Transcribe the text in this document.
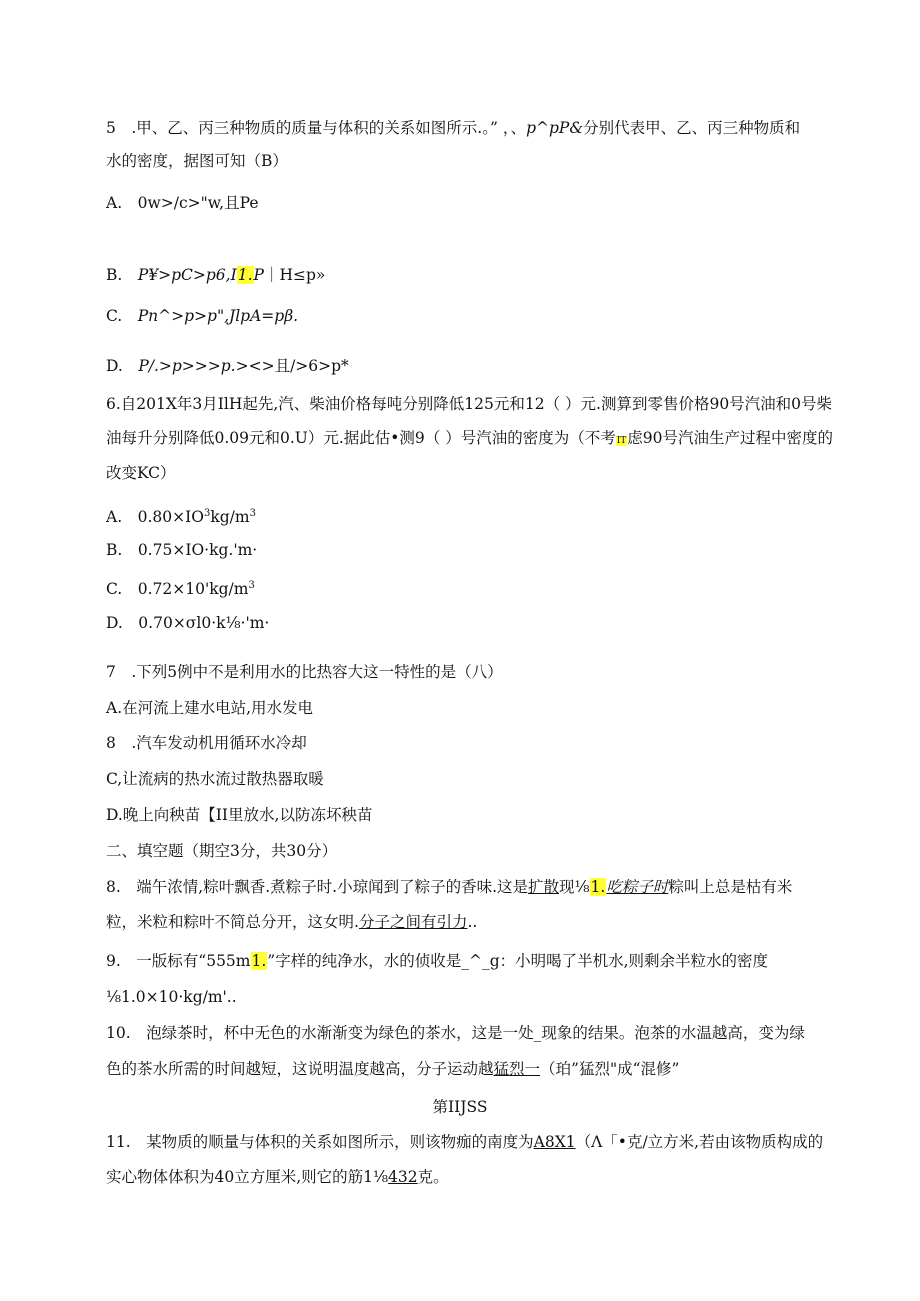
5　.甲、乙、丙三种物质的质量与体积的关系如图所示.。” ，、p^pP&分别代表甲、乙、丙三种物质和
水的密度，据图可知（B）
A.　0w>/c>"w,且Pe
B.　P¥>pC>p6,I1.P｜H≤p»
C.　Pn^>p>p",JlpA=pβ.
D.　P/.>p>>>p.><>且/>6>p*
6.自201X年3月IlH起先,汽、柴油价格每吨分别降低125元和12（ ）元.测算到零售价格90号汽油和0号柴
油每升分别降低0.09元和0.U）元.据此估•测9（ ）号汽油的密度为（不考IT虑90号汽油生产过程中密度的
改变KC）
A.　$0.80\times IO^3kg/m^3$
B.　0.75×IO·kg.'m·
C.　$0.72\times 10'kg/m^3$
D.　0.70×σl0·k⅛·'m·
7　.下列5例中不是利用水的比热容大这一特性的是（八）
A.在河流上建水电站,用水发电
8　.汽车发动机用循环水冷却
C,让流病的热水流过散热器取暖
D.晚上向秧苗【II里放水,以防冻坏秧苗
二、填空题（期空3分，共30分）
8.　端午浓情,粽叶飘香.煮粽子时.小琼闻到了粽子的香味.这是扩散现⅛1.吃粽子时粽叫上总是枯有米
粒，米粒和粽叶不简总分开，这女明.分子之间有引力..
9.　一版标有“555m1.”字样的纯净水，水的侦收是_^_g：小明喝了半机水,则剩余半粒水的密度
⅛1.0×10·kg/m'..
10.　泡绿茶时，杯中无色的水渐渐变为绿色的茶水，这是一处_现象的结果。泡茶的水温越高，变为绿
色的茶水所需的时间越短，这说明温度越高，分子运动越猛烈一（珀”猛烈"成“混修”
第IIJSS
11.　某物质的顺量与体积的关系如图所示，则该物痂的南度为A8X1（Λ「•克/立方米,若由该物质构成的
实心物体体积为40立方厘米,则它的筋1⅛432克。
